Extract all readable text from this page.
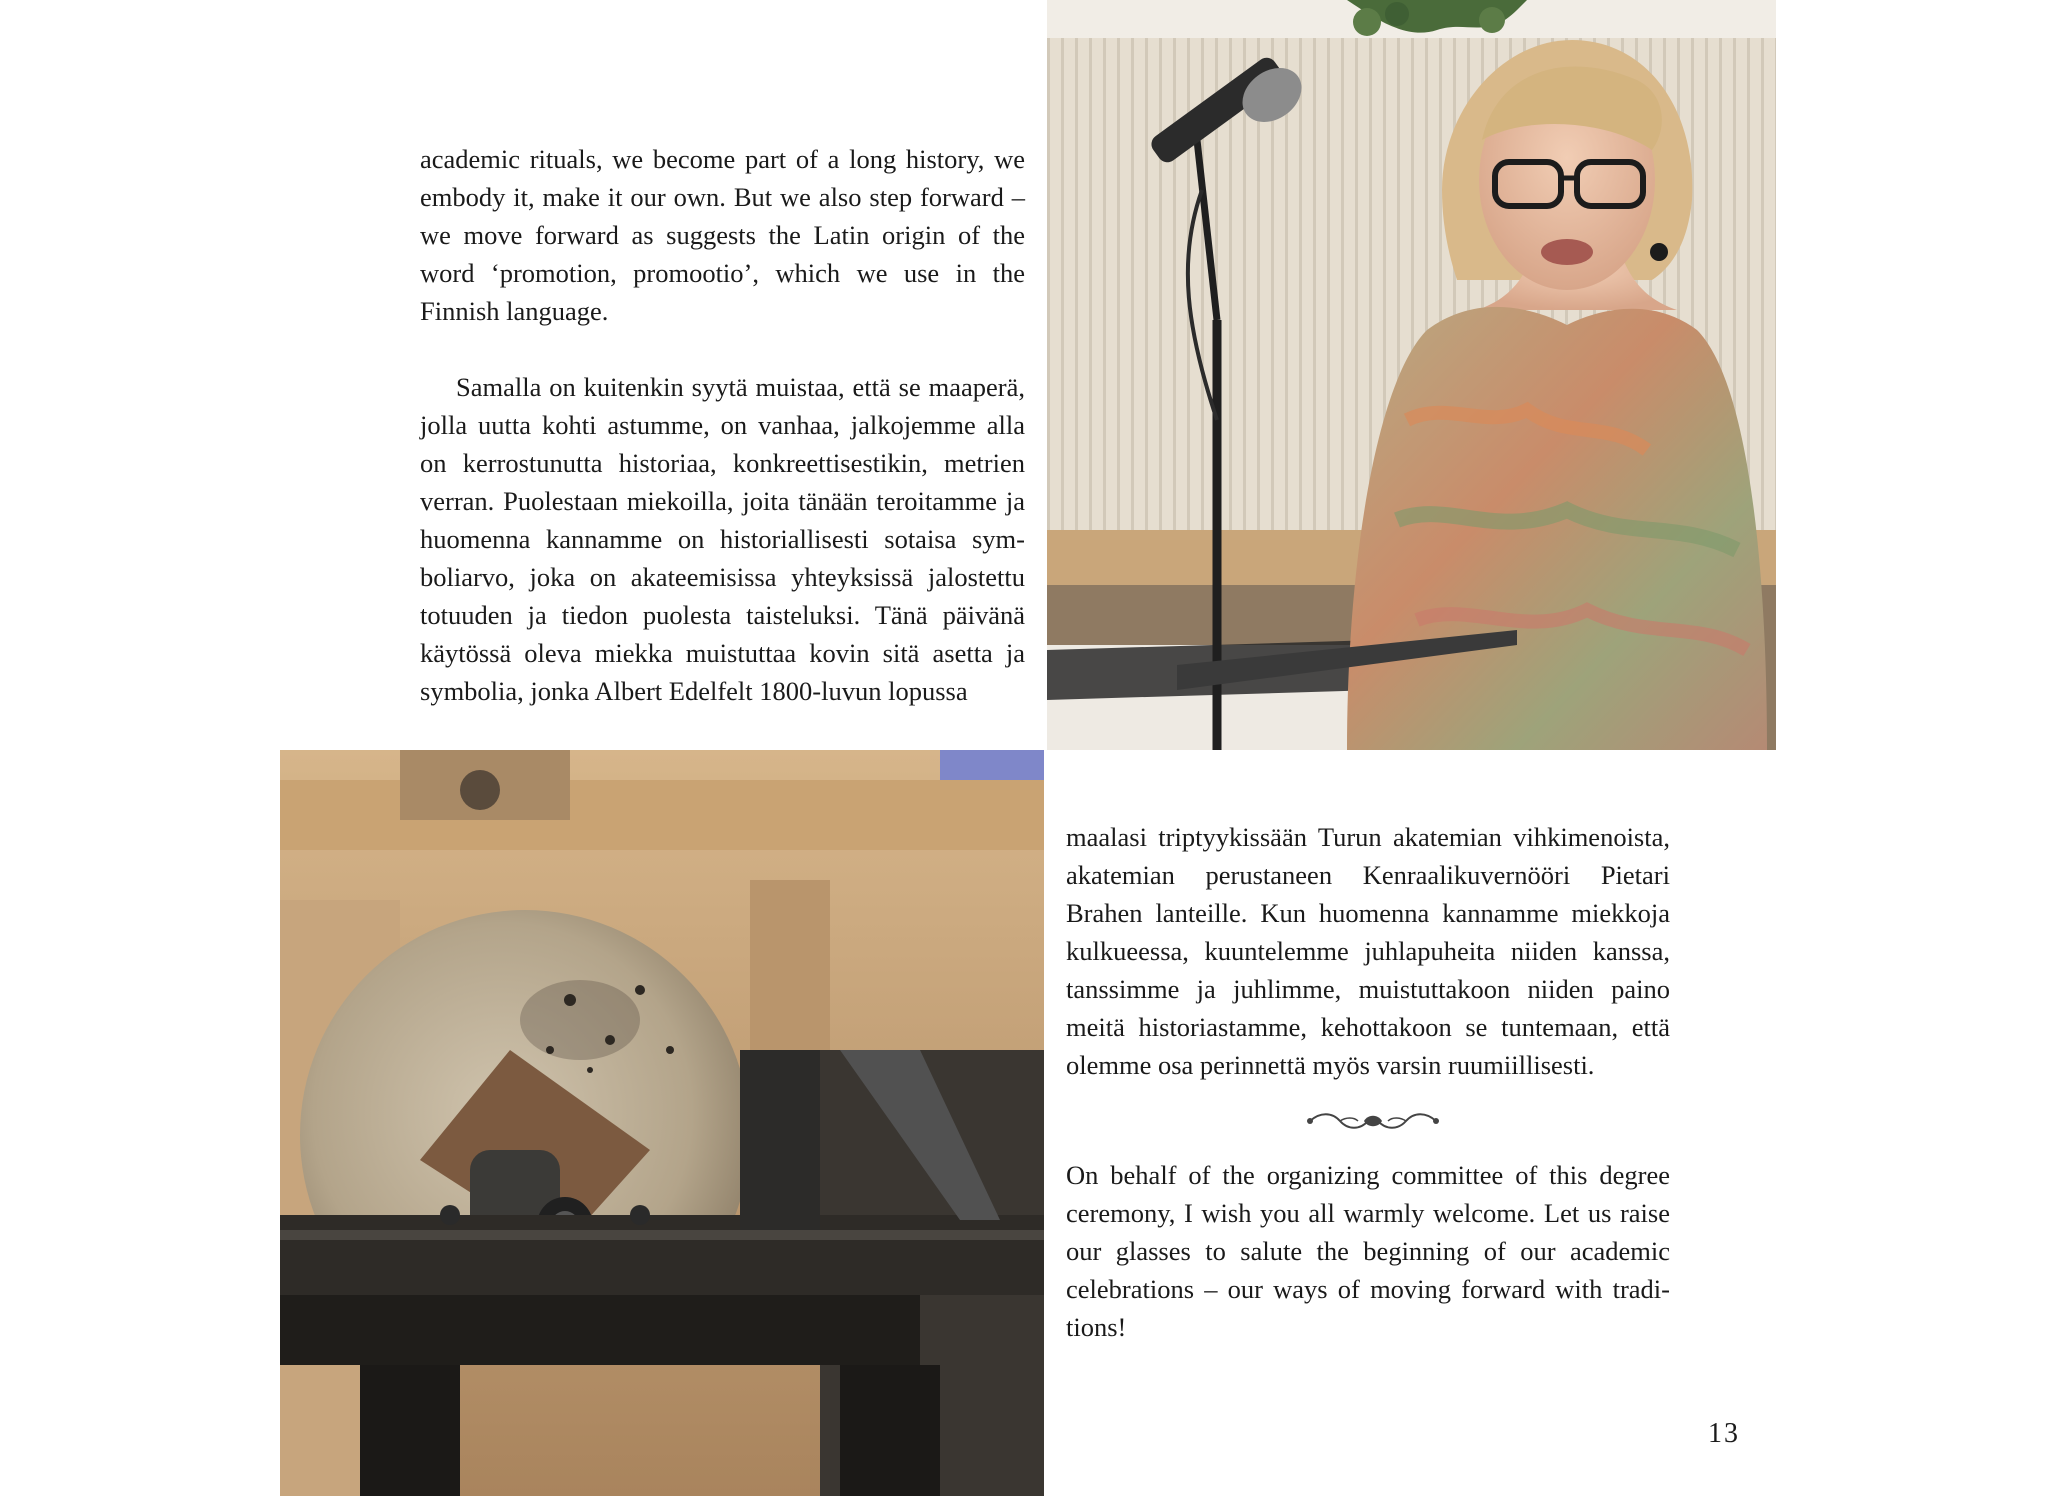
academic rituals, we become part of a long history, we embody it, make it our own. But we also step forward – we move forward as suggests the Latin origin of the word ‘promotion, promootio’, which we use in the Finnish language.

Samalla on kuitenkin syytä muistaa, että se maaperä, jolla uutta kohti astumme, on vanhaa, jalkojemme alla on kerrostunutta historiaa, konkreettisestikin, metrien verran. Puolestaan miekoilla, joita tänään teroitamme ja huomenna kannamme on historiallisesti sotaisa symboliarvo, joka on akateemisissa yhteyksissä jalostettu totuuden ja tiedon puolesta taisteluksi. Tänä päivänä käytössä oleva miekka muistuttaa kovin sitä asetta ja symbolia, jonka Albert Edelfelt 1800-luvun lopussa

maalasi triptyykissään Turun akatemian vihkimenoista, akatemian perustaneen Kenraalikuvernööri Pietari Brahen lanteille. Kun huomenna kannamme miekkoja kulkueessa, kuuntelemme juhlapuheita niiden kanssa, tanssimme ja juhlimme, muistuttakoon niiden paino meitä historiastamme, kehottakoon se tuntemaan, että olemme osa perinnettä myös varsin ruumiillisesti.

On behalf of the organizing committee of this degree ceremony, I wish you all warmly welcome. Let us raise our glasses to salute the beginning of our academic celebrations – our ways of moving forward with traditions!

13
